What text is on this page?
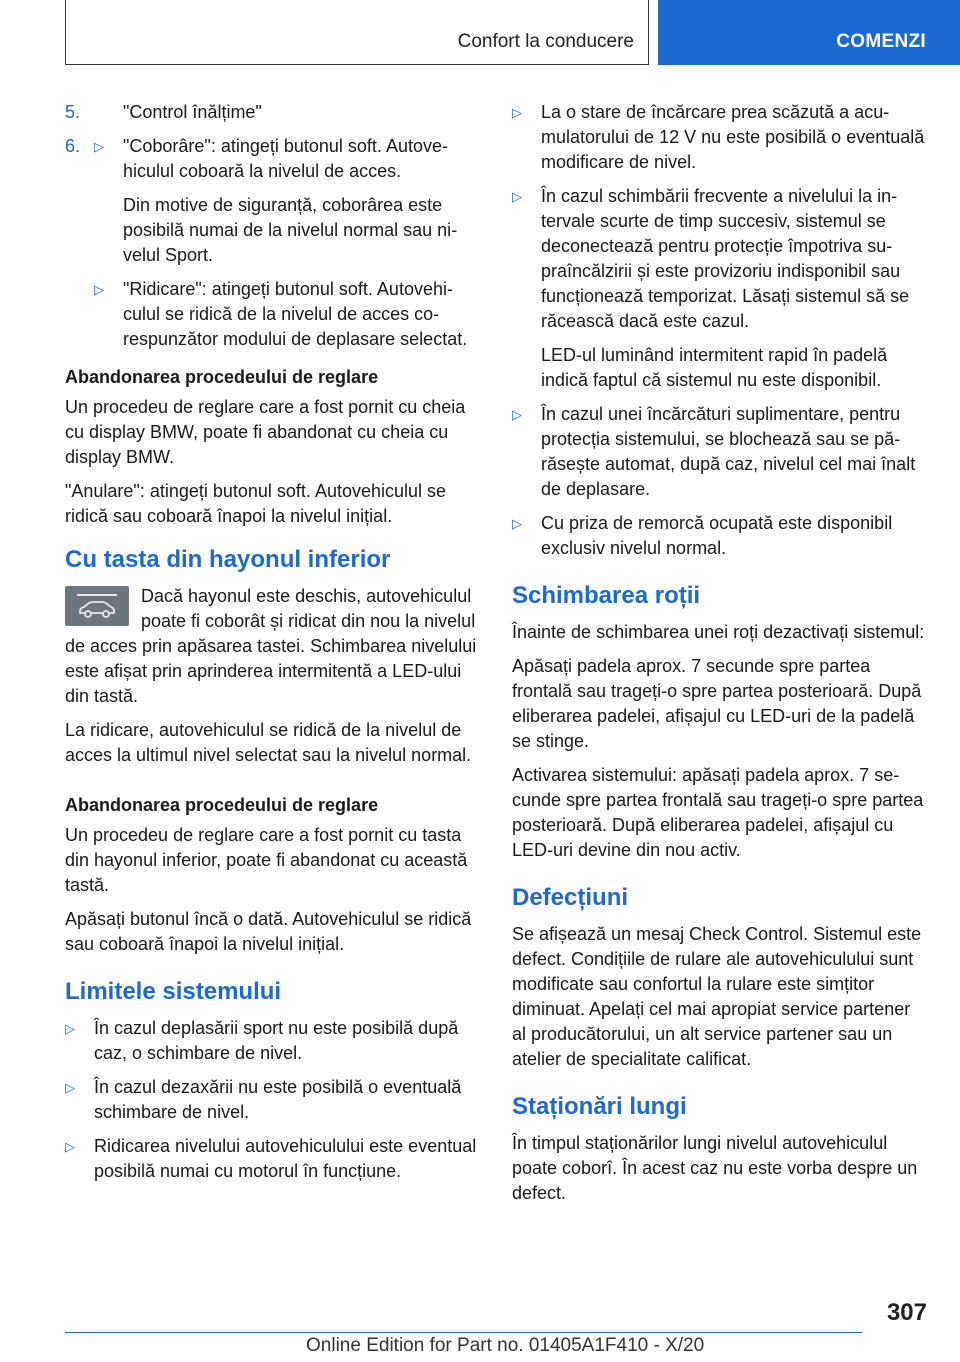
Confort la conducere	COMENZI
5. "Control înălțime"
6. ▷ "Coborâre": atingeți butonul soft. Autovehiculul coboară la nivelul de acces.

Din motive de siguranță, coborârea este posibilă numai de la nivelul normal sau nivelul Sport.

▷ "Ridicare": atingeți butonul soft. Autovehiculul se ridică de la nivelul de acces corespunzător modului de deplasare selectat.
Abandonarea procedeului de reglare

Un procedeu de reglare care a fost pornit cu cheia cu display BMW, poate fi abandonat cu cheia cu display BMW.

"Anulare": atingeți butonul soft. Autovehiculul se ridică sau coboară înapoi la nivelul inițial.

Cu tasta din hayonul inferior

Dacă hayonul este deschis, autovehiculul poate fi coborât și ridicat din nou la nivelul de acces prin apăsarea tastei. Schimbarea nivelului este afișat prin aprinderea intermitentă a LED-ului din tastă.

La ridicare, autovehiculul se ridică de la nivelul de acces la ultimul nivel selectat sau la nivelul normal.

Abandonarea procedeului de reglare

Un procedeu de reglare care a fost pornit cu tasta din hayonul inferior, poate fi abandonat cu această tastă.

Apăsați butonul încă o dată. Autovehiculul se ridică sau coboară înapoi la nivelul inițial.

Limitele sistemului
▷ În cazul deplasării sport nu este posibilă după caz, o schimbare de nivel.
▷ În cazul dezaxării nu este posibilă o eventuală schimbare de nivel.
▷ Ridicarea nivelului autovehiculului este eventual posibilă numai cu motorul în funcțiune.
▷ La o stare de încărcare prea scăzută a acumulatorului de 12 V nu este posibilă o eventuală modificare de nivel.
▷ În cazul schimbării frecvente a nivelului la intervale scurte de timp succesiv, sistemul se deconectează pentru protecție împotriva supraîncălzirii și este provizoriu indisponibil sau funcționează temporizat. Lăsați sistemul să se răcească dacă este cazul.

LED-ul luminând intermitent rapid în padelă indică faptul că sistemul nu este disponibil.

▷ În cazul unei încărcături suplimentare, pentru protecția sistemului, se blochează sau se părăsește automat, după caz, nivelul cel mai înalt de deplasare.
▷ Cu priza de remorcă ocupată este disponibil exclusiv nivelul normal.
Schimbarea roții

Înainte de schimbarea unei roți dezactivați sistemul:

Apăsați padela aprox. 7 secunde spre partea frontală sau trageți-o spre partea posterioară. După eliberarea padelei, afișajul cu LED-uri de la padelă se stinge.

Activarea sistemului: apăsați padela aprox. 7 secunde spre partea frontală sau trageți-o spre partea posterioară. După eliberarea padelei, afișajul cu LED-uri devine din nou activ.

Defecțiuni

Se afișează un mesaj Check Control. Sistemul este defect. Condițiile de rulare ale autovehiculului sunt modificate sau confortul la rulare este simțitor diminuat. Apelați cel mai apropiat service partener al producătorului, un alt service partener sau un atelier de specialitate calificat.

Staționări lungi

În timpul staționărilor lungi nivelul autovehiculul poate coborî. În acest caz nu este vorba despre un defect.

307
Online Edition for Part no. 01405A1F410 - X/20
